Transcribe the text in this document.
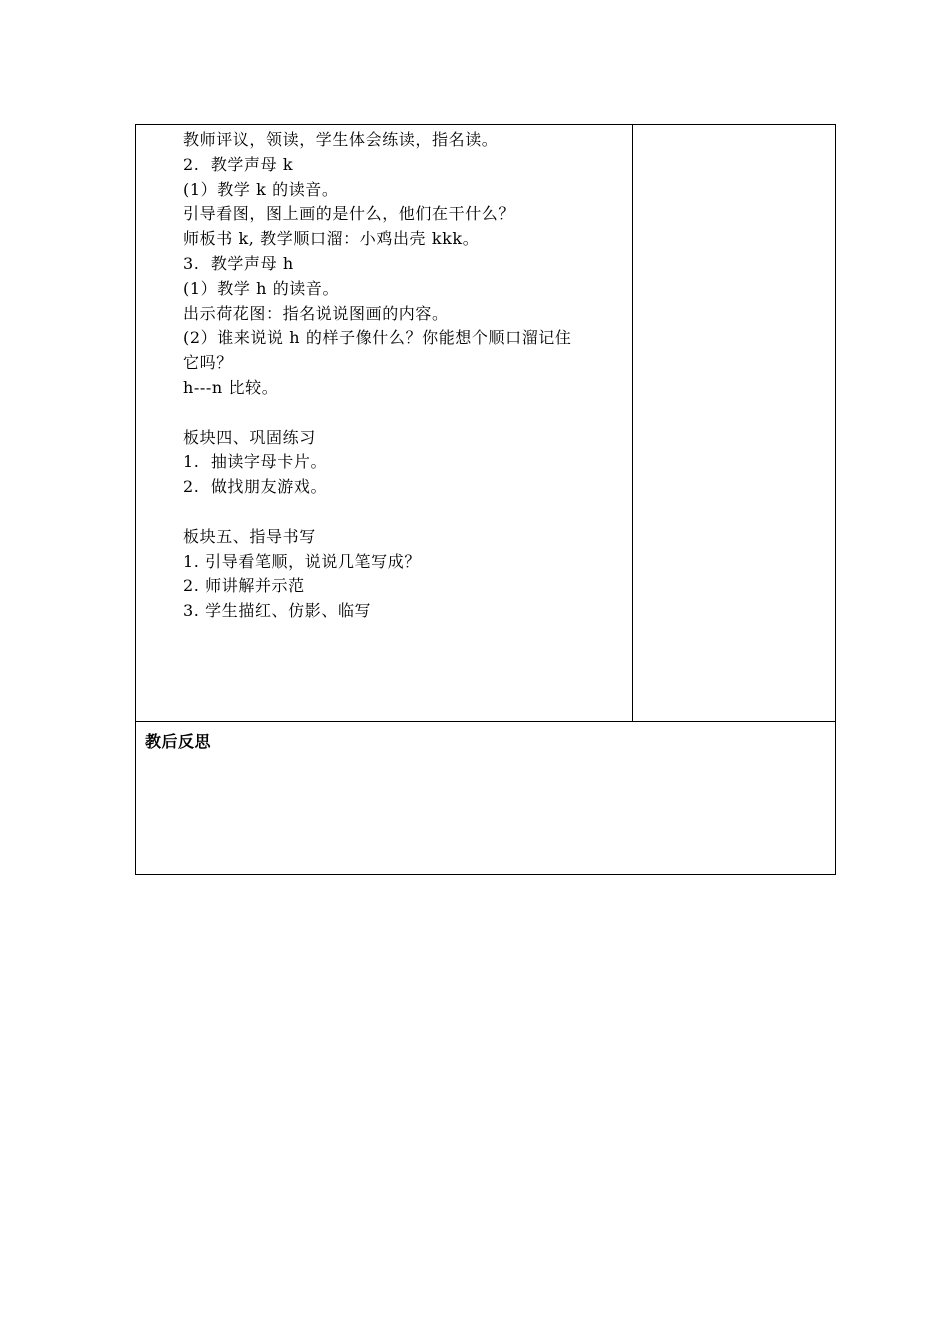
教师评议，领读，学生体会练读，指名读。
2.  教学声母 k
(1）教学 k 的读音。
引导看图，图上画的是什么，他们在干什么？
师板书 k, 教学顺口溜：小鸡出壳 kkk。
3.  教学声母 h
(1）教学 h 的读音。
出示荷花图：指名说说图画的内容。
(2）谁来说说 h 的样子像什么？你能想个顺口溜记住
它吗？
h---n 比较。
板块四、巩固练习
1.  抽读字母卡片。
2.  做找朋友游戏。
板块五、指导书写
1. 引导看笔顺，说说几笔写成？
2. 师讲解并示范
3. 学生描红、仿影、临写

教后反思
